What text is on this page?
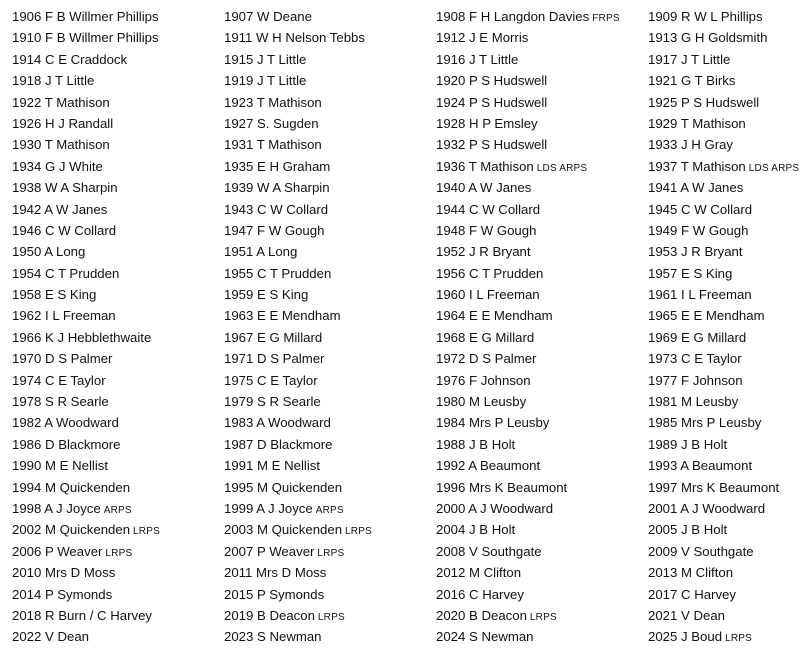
1906 F B Willmer Phillips	1907 W Deane	1908 F H Langdon Davies FRPS	1909 R W L Phillips
1910 F B Willmer Phillips	1911 W H Nelson Tebbs	1912 J E Morris	1913 G H Goldsmith
1914 C E Craddock	1915 J T Little	1916 J T Little	1917 J T Little
1918 J T Little	1919 J T Little	1920 P S Hudswell	1921 G T Birks
1922 T Mathison	1923 T Mathison	1924 P S Hudswell	1925 P S Hudswell
1926 H J Randall	1927 S. Sugden	1928 H P Emsley	1929 T Mathison
1930 T Mathison	1931 T Mathison	1932 P S Hudswell	1933 J H Gray
1934 G J White	1935 E H Graham	1936 T Mathison LDS ARPS	1937 T Mathison LDS ARPS
1938 W A Sharpin	1939 W A Sharpin	1940 A W Janes	1941 A W Janes
1942 A W Janes	1943 C W Collard	1944 C W Collard	1945 C W Collard
1946 C W Collard	1947 F W Gough	1948 F W Gough	1949 F W Gough
1950 A Long	1951 A Long	1952 J R Bryant	1953 J R Bryant
1954 C T Prudden	1955 C T Prudden	1956 C T Prudden	1957 E S King
1958 E S King	1959 E S King	1960 I L Freeman	1961 I L Freeman
1962 I L Freeman	1963 E E Mendham	1964 E E Mendham	1965 E E Mendham
1966 K J Hebblethwaite	1967 E G Millard	1968 E G Millard	1969 E G Millard
1970 D S Palmer	1971 D S Palmer	1972 D S Palmer	1973 C E Taylor
1974 C E Taylor	1975 C E Taylor	1976 F Johnson	1977 F Johnson
1978 S R Searle	1979 S R Searle	1980 M Leusby	1981 M Leusby
1982 A Woodward	1983 A Woodward	1984 Mrs P Leusby	1985 Mrs P Leusby
1986 D Blackmore	1987 D Blackmore	1988 J B Holt	1989 J B Holt
1990 M E Nellist	1991 M E Nellist	1992 A Beaumont	1993 A Beaumont
1994 M Quickenden	1995 M Quickenden	1996 Mrs K Beaumont	1997 Mrs K Beaumont
1998 A J Joyce ARPS	1999 A J Joyce ARPS	2000 A J Woodward	2001 A J Woodward
2002 M Quickenden LRPS	2003 M Quickenden LRPS	2004 J B Holt	2005 J B Holt
2006 P Weaver LRPS	2007 P Weaver LRPS	2008 V Southgate	2009 V Southgate
2010 Mrs D Moss	2011 Mrs D Moss	2012 M Clifton	2013 M Clifton
2014 P Symonds	2015 P Symonds	2016 C Harvey	2017 C Harvey
2018 R Burn / C Harvey	2019 B Deacon LRPS	2020 B Deacon LRPS	2021 V Dean
2022 V Dean	2023 S Newman	2024 S Newman	2025 J Boud LRPS
